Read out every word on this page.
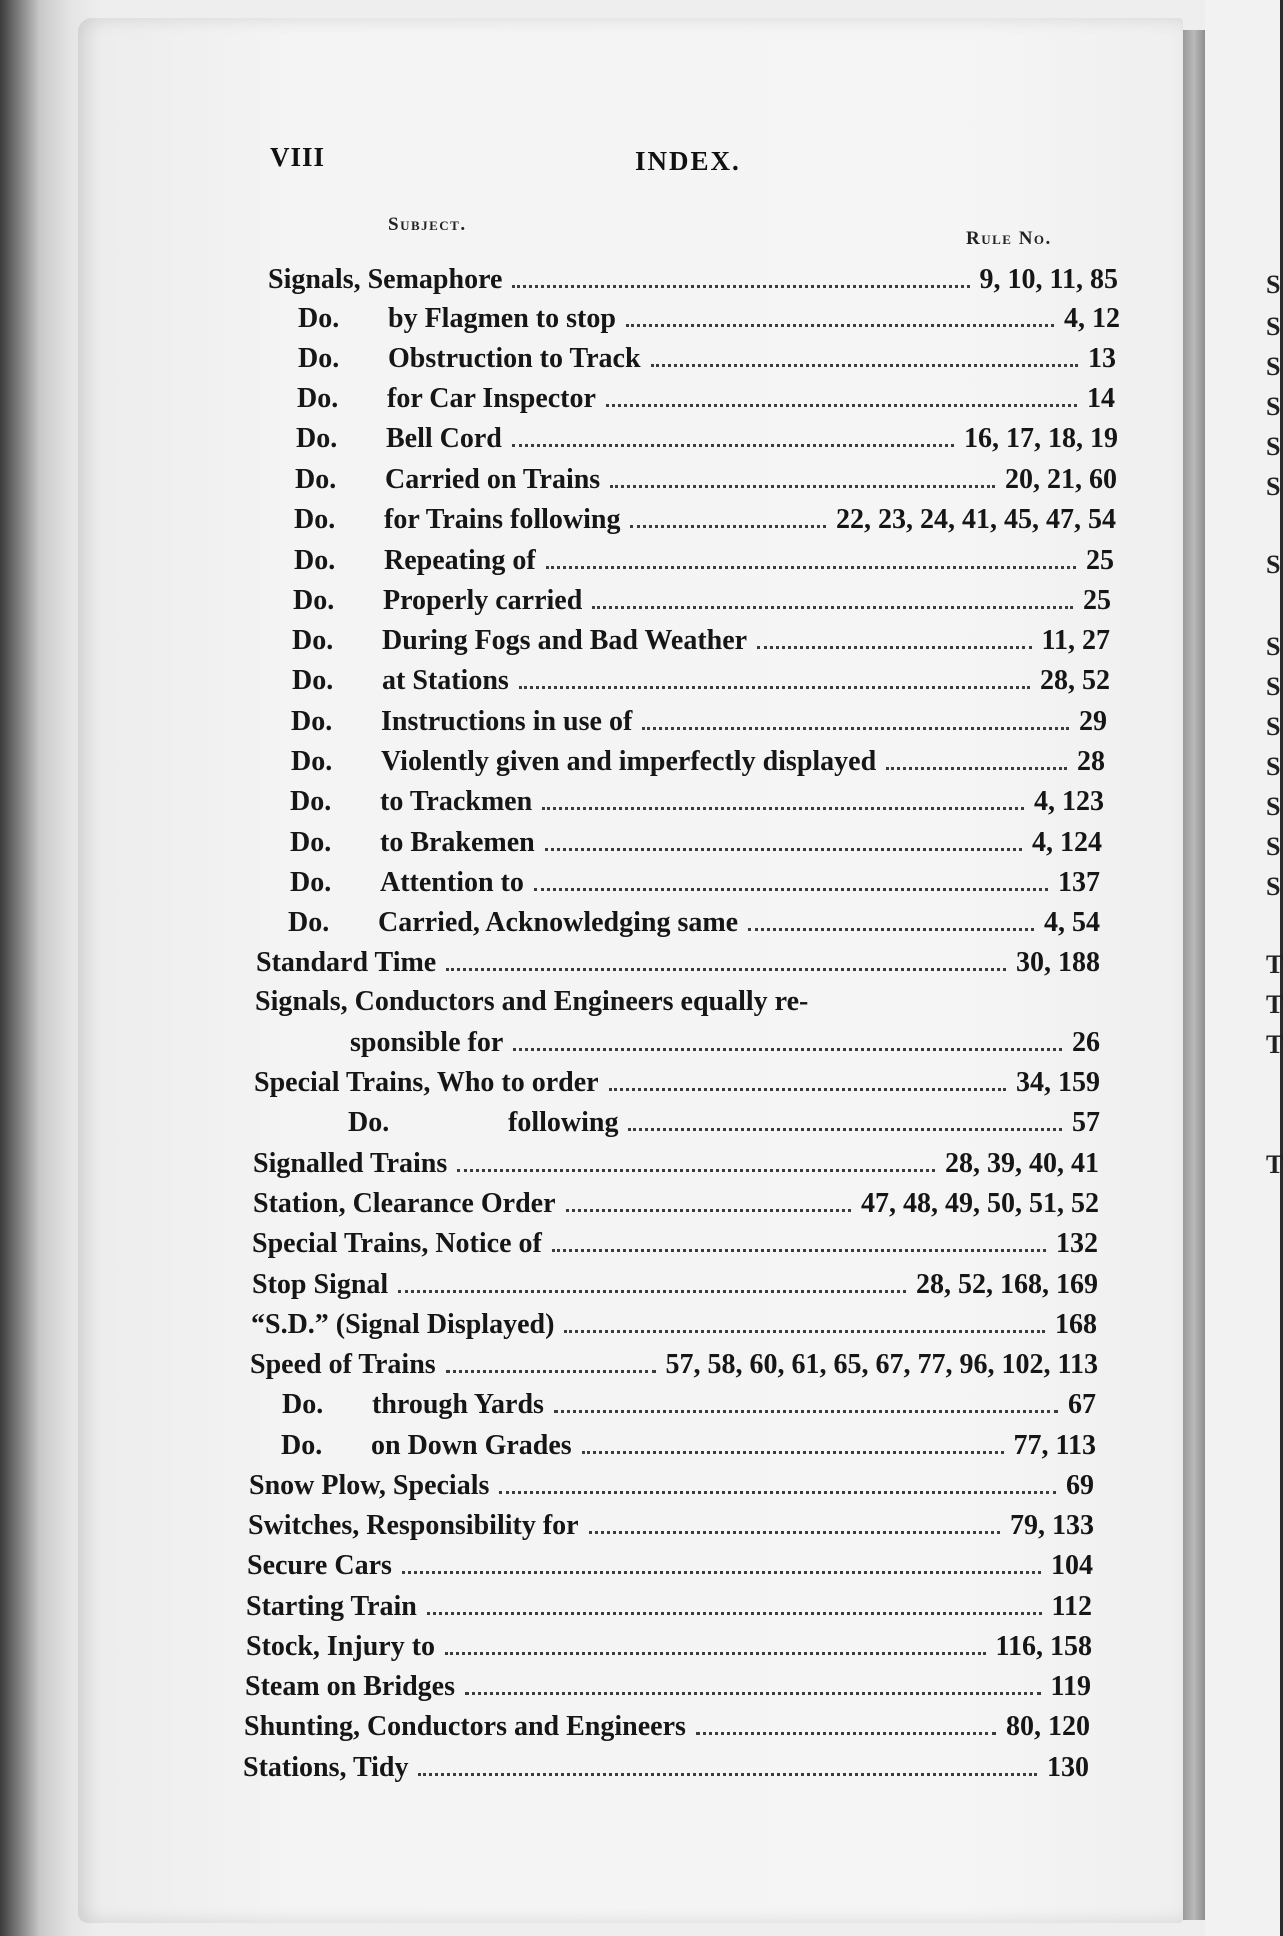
S
S
S
S
S
S
S
S
S
S
S
S
S
S
T
T
T
T
VIII	INDEX.
Subject.
Rule No.
Signals, Semaphore	9, 10, 11, 85
Do.	by Flagmen to stop	4, 12
Do.	Obstruction to Track	13
Do.	for Car Inspector	14
Do.	Bell Cord	16, 17, 18, 19
Do.	Carried on Trains	20, 21, 60
Do.	for Trains following	22, 23, 24, 41, 45, 47, 54
Do.	Repeating of	25
Do.	Properly carried	25
Do.	During Fogs and Bad Weather	11, 27
Do.	at Stations	28, 52
Do.	Instructions in use of	29
Do.	Violently given and imperfectly displayed	28
Do.	to Trackmen	4, 123
Do.	to Brakemen	4, 124
Do.	Attention to	137
Do.	Carried, Acknowledging same	4, 54
Standard Time	30, 188
Signals, Conductors and Engineers equally re-
sponsible for	26
Special Trains, Who to order	34, 159
Do.	following	57
Signalled Trains	28, 39, 40, 41
Station, Clearance Order	47, 48, 49, 50, 51, 52
Special Trains, Notice of	132
Stop Signal	28, 52, 168, 169
“S.D.” (Signal Displayed)	168
Speed of Trains	57, 58, 60, 61, 65, 67, 77, 96, 102, 113
Do.	through Yards	67
Do.	on Down Grades	77, 113
Snow Plow, Specials	69
Switches, Responsibility for	79, 133
Secure Cars	104
Starting Train	112
Stock, Injury to	116, 158
Steam on Bridges	119
Shunting, Conductors and Engineers	80, 120
Stations, Tidy	130
